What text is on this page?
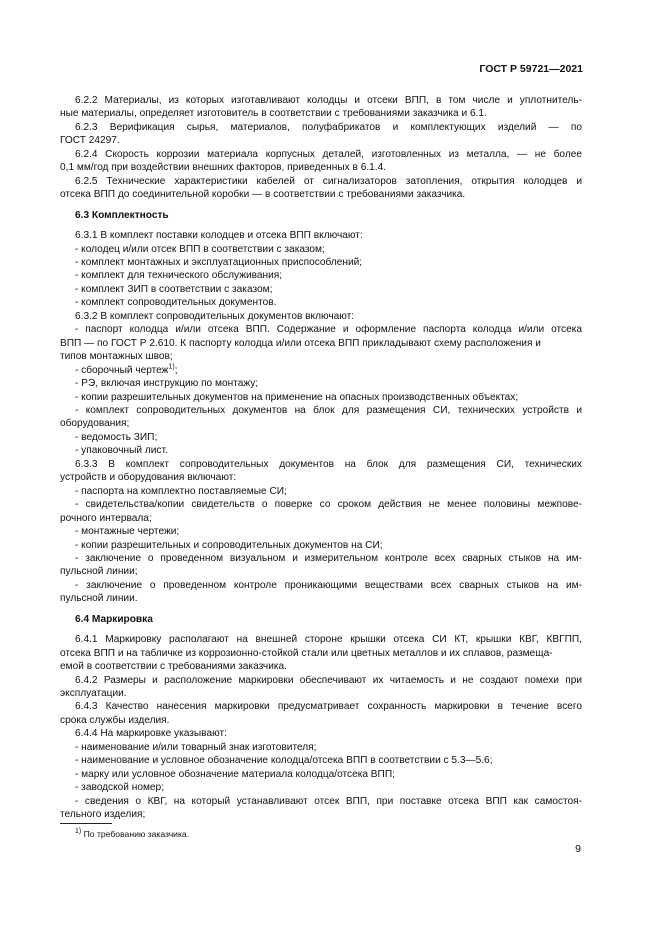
ГОСТ Р 59721—2021

6.2.2 Материалы, из которых изготавливают колодцы и отсеки ВПП, в том числе и уплотнитель-

ные материалы, определяет изготовитель в соответствии с требованиями заказчика и 6.1.

6.2.3 Верификация сырья, материалов, полуфабрикатов и комплектующих изделий — по

ГОСТ 24297.

6.2.4 Скорость коррозии материала корпусных деталей, изготовленных из металла, — не более

0,1 мм/год при воздействии внешних факторов, приведенных в 6.1.4.

6.2.5 Технические характеристики кабелей от сигнализаторов затопления, открытия колодцев и

отсека ВПП до соединительной коробки — в соответствии с требованиями заказчика.

6.3 Комплектность

6.3.1 В комплект поставки колодцев и отсека ВПП включают:

- колодец и/или отсек ВПП в соответствии с заказом;

- комплект монтажных и эксплуатационных приспособлений;

- комплект для технического обслуживания;

- комплект ЗИП в соответствии с заказом;

- комплект сопроводительных документов.

6.3.2 В комплект сопроводительных документов включают:

- паспорт колодца и/или отсека ВПП. Содержание и оформление паспорта колодца и/или отсека

ВПП — по ГОСТ Р 2.610. К паспорту колодца и/или отсека ВПП прикладывают схему расположения и

типов монтажных швов;

- сборочный чертеж$^{1)}$;

- РЭ, включая инструкцию по монтажу;

- копии разрешительных документов на применение на опасных производственных объектах;

- комплект сопроводительных документов на блок для размещения СИ, технических устройств и

оборудования;

- ведомость ЗИП;

- упаковочный лист.

6.3.3 В комплект сопроводительных документов на блок для размещения СИ, технических

устройств и оборудования включают:

- паспорта на комплектно поставляемые СИ;

- свидетельства/копии свидетельств о поверке со сроком действия не менее половины межпове-

рочного интервала;

- монтажные чертежи;

- копии разрешительных и сопроводительных документов на СИ;

- заключение о проведенном визуальном и измерительном контроле всех сварных стыков на им-

пульсной линии;

- заключение о проведенном контроле проникающими веществами всех сварных стыков на им-

пульсной линии.

6.4 Маркировка

6.4.1 Маркировку располагают на внешней стороне крышки отсека СИ КТ, крышки КВГ, КВГПП,

отсека ВПП и на табличке из коррозионно-стойкой стали или цветных металлов и их сплавов, размеща-

емой в соответствии с требованиями заказчика.

6.4.2 Размеры и расположение маркировки обеспечивают их читаемость и не создают помехи при

эксплуатации.

6.4.3 Качество нанесения маркировки предусматривает сохранность маркировки в течение всего

срока службы изделия.

6.4.4 На маркировке указывают:

- наименование и/или товарный знак изготовителя;

- наименование и условное обозначение колодца/отсека ВПП в соответствии с 5.3—5.6;

- марку или условное обозначение материала колодца/отсека ВПП;

- заводской номер;

- сведения о КВГ, на который устанавливают отсек ВПП, при поставке отсека ВПП как самостоя-

тельного изделия;

$^{1)}$ По требованию заказчика.
9
